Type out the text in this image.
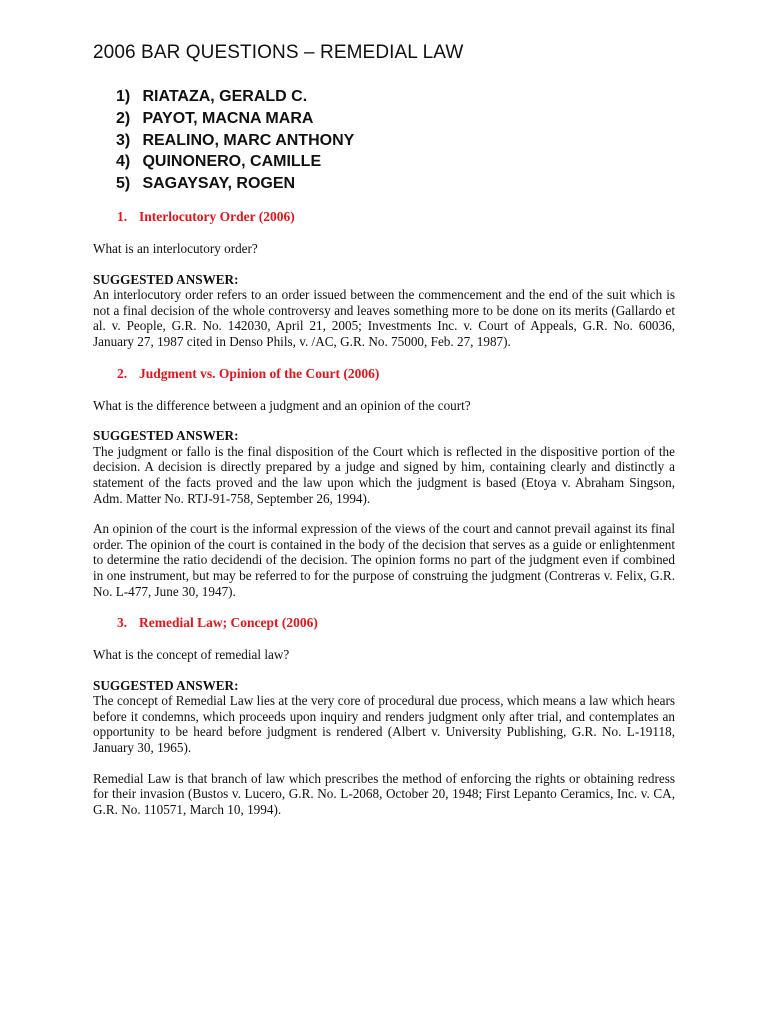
2006 BAR QUESTIONS – REMEDIAL LAW
1) RIATAZA, GERALD C.
2) PAYOT, MACNA MARA
3) REALINO, MARC ANTHONY
4) QUINONERO, CAMILLE
5) SAGAYSAY, ROGEN
1. Interlocutory Order (2006)

What is an interlocutory order?

SUGGESTED ANSWER:

An interlocutory order refers to an order issued between the commencement and the end of the suit which is not a final decision of the whole controversy and leaves something more to be done on its merits (Gallardo et al. v. People, G.R. No. 142030, April 21, 2005; Investments Inc. v. Court of Appeals, G.R. No. 60036, January 27, 1987 cited in Denso Phils, v. /AC, G.R. No. 75000, Feb. 27, 1987).

2. Judgment vs. Opinion of the Court (2006)

What is the difference between a judgment and an opinion of the court?

SUGGESTED ANSWER:

The judgment or fallo is the final disposition of the Court which is reflected in the dispositive portion of the decision. A decision is directly prepared by a judge and signed by him, containing clearly and distinctly a statement of the facts proved and the law upon which the judgment is based (Etoya v. Abraham Singson, Adm. Matter No. RTJ-91-758, September 26, 1994).

An opinion of the court is the informal expression of the views of the court and cannot prevail against its final order. The opinion of the court is contained in the body of the decision that serves as a guide or enlightenment to determine the ratio decidendi of the decision. The opinion forms no part of the judgment even if combined in one instrument, but may be referred to for the purpose of construing the judgment (Contreras v. Felix, G.R. No. L-477, June 30, 1947).

3. Remedial Law; Concept (2006)

What is the concept of remedial law?

SUGGESTED ANSWER:

The concept of Remedial Law lies at the very core of procedural due process, which means a law which hears before it condemns, which proceeds upon inquiry and renders judgment only after trial, and contemplates an opportunity to be heard before judgment is rendered (Albert v. University Publishing, G.R. No. L-19118, January 30, 1965).

Remedial Law is that branch of law which prescribes the method of enforcing the rights or obtaining redress for their invasion (Bustos v. Lucero, G.R. No. L-2068, October 20, 1948; First Lepanto Ceramics, Inc. v. CA, G.R. No. 110571, March 10, 1994).
